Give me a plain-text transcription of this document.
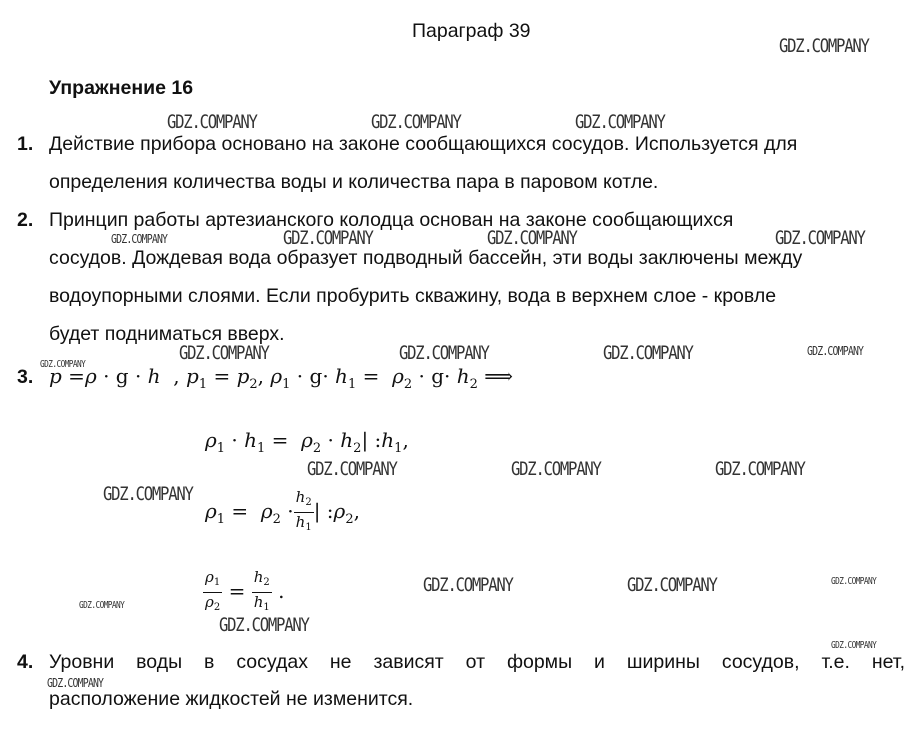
Параграф 39
Упражнение 16
1. Действие прибора основано на законе сообщающихся сосудов. Используется для
определения количества воды и количества пара в паровом котле.
2. Принцип работы артезианского колодца основан на законе сообщающихся
сосудов. Дождевая вода образует подводный бассейн, эти воды заключены между
водоупорными слоями. Если пробурить скважину, вода в верхнем слое - кровле
будет подниматься вверх.
3. p =ρ · g · h , $p_1 = p_2$, $\rho_1 \cdot g\cdot h_1 = \rho_2 \cdot g\cdot h_2$ ⟹
$\rho_1 \cdot h_1 = \rho_2 \cdot h_2|$ $:h_1$,
$\rho_1 = \rho_2 \cdot \frac{h_2}{h_1}$ | $:\rho_2$,
$\frac{\rho_1}{\rho_2} = \frac{h_2}{h_1}$ .
4. Уровни воды в сосудах не зависят от формы и ширины сосудов, т.е. нет,
расположение жидкостей не изменится.
GDZ.COMPANY
GDZ.COMPANY	GDZ.COMPANY	GDZ.COMPANY
GDZ.COMPANY	GDZ.COMPANY	GDZ.COMPANY	GDZ.COMPANY
GDZ.COMPANY
GDZ.COMPANY	GDZ.COMPANY	GDZ.COMPANY	GDZ.COMPANY
GDZ.COMPANY	GDZ.COMPANY	GDZ.COMPANY
GDZ.COMPANY
GDZ.COMPANY	GDZ.COMPANY	GDZ.COMPANY
GDZ.COMPANY
GDZ.COMPANY
GDZ.COMPANY
GDZ.COMPANY
